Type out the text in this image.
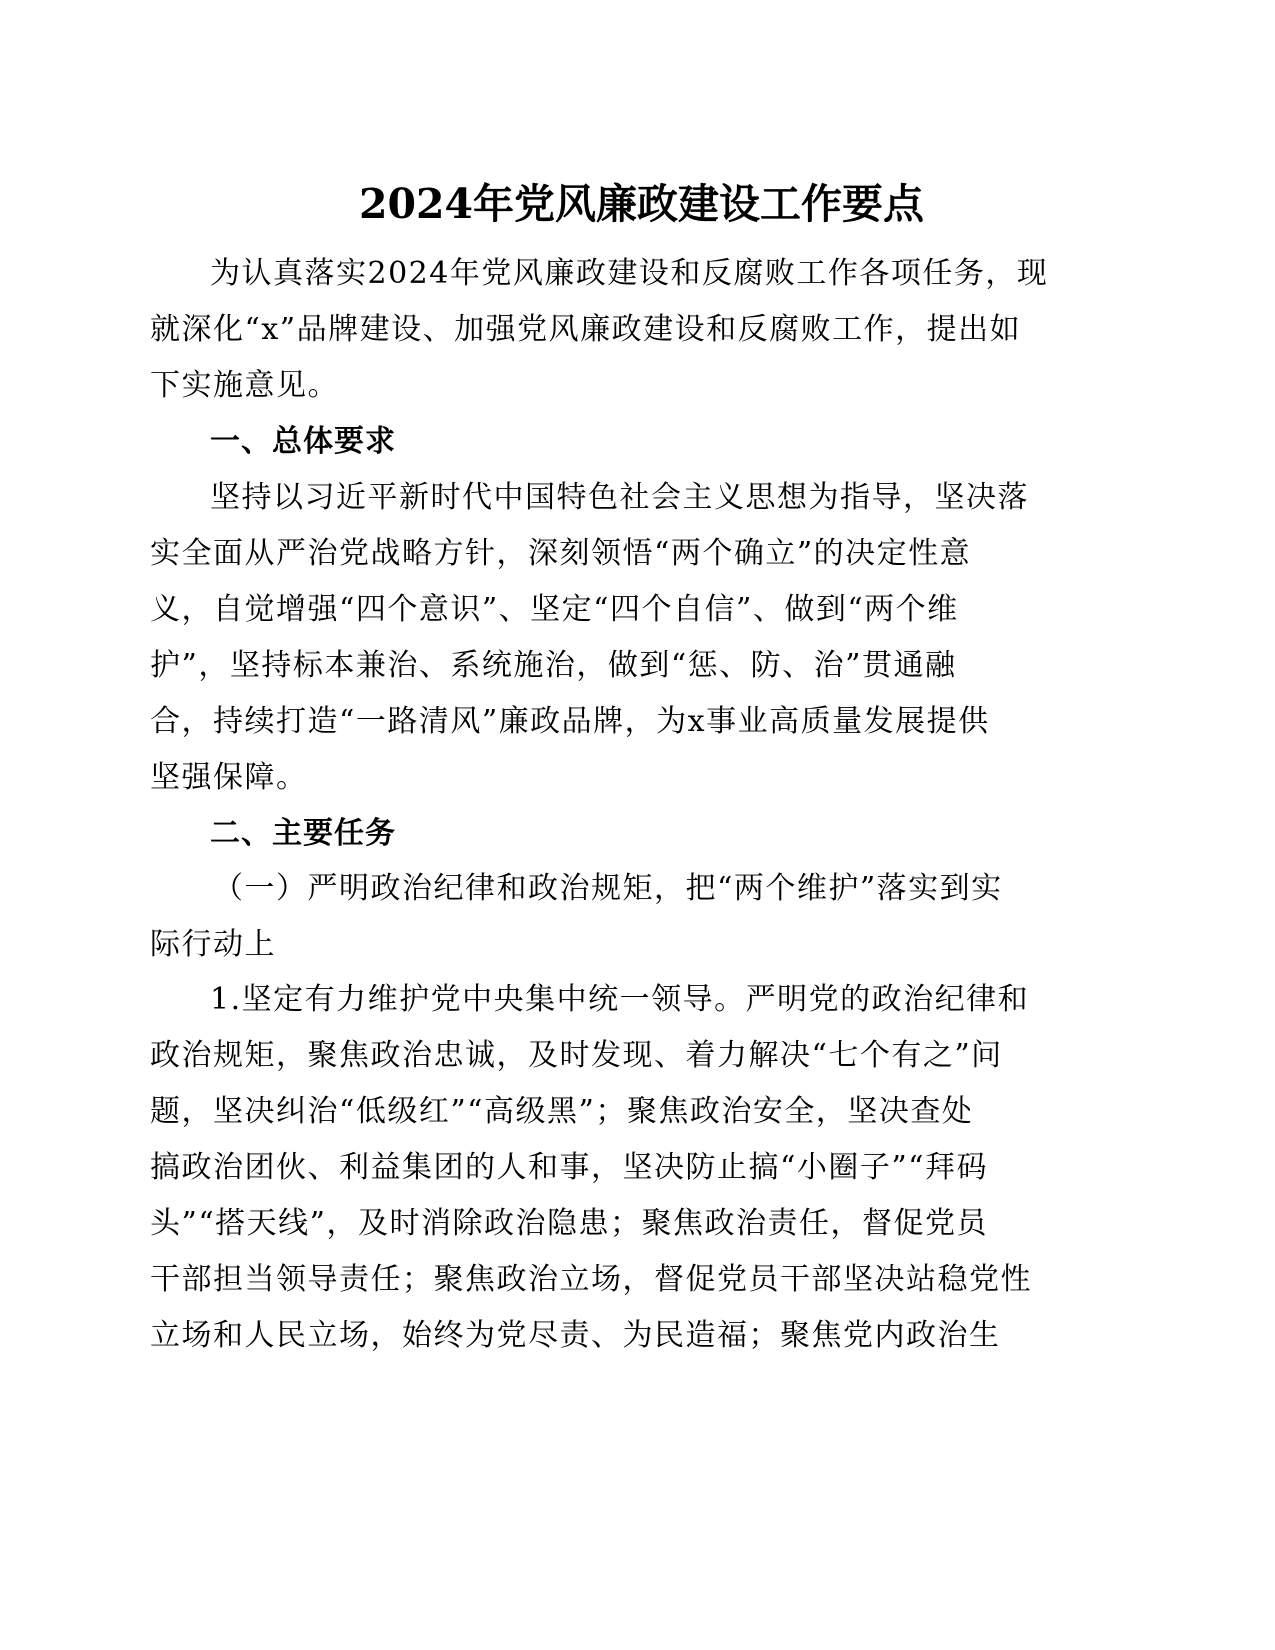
2024年党风廉政建设工作要点

为认真落实2024年党风廉政建设和反腐败工作各项任务，现

就深化“x”品牌建设、加强党风廉政建设和反腐败工作，提出如

下实施意见。

一、总体要求

坚持以习近平新时代中国特色社会主义思想为指导，坚决落

实全面从严治党战略方针，深刻领悟“两个确立”的决定性意

义，自觉增强“四个意识”、坚定“四个自信”、做到“两个维

护”，坚持标本兼治、系统施治，做到“惩、防、治”贯通融

合，持续打造“一路清风”廉政品牌，为x事业高质量发展提供

坚强保障。

二、主要任务

（一）严明政治纪律和政治规矩，把“两个维护”落实到实

际行动上

1.坚定有力维护党中央集中统一领导。严明党的政治纪律和

政治规矩，聚焦政治忠诚，及时发现、着力解决“七个有之”问

题，坚决纠治“低级红”“高级黑”；聚焦政治安全，坚决查处

搞政治团伙、利益集团的人和事，坚决防止搞“小圈子”“拜码

头”“搭天线”，及时消除政治隐患；聚焦政治责任，督促党员

干部担当领导责任；聚焦政治立场，督促党员干部坚决站稳党性

立场和人民立场，始终为党尽责、为民造福；聚焦党内政治生
